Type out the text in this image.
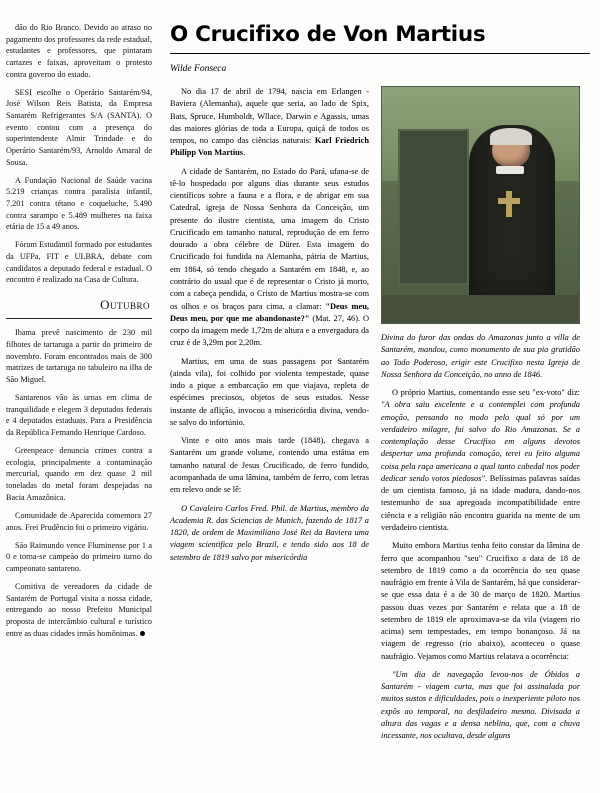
dão do Rio Branco. Devido ao atraso no pagamento dos professores da rede estadual, estudantes e professores, que pintaram cartazes e faixas, aproveitam o protesto contra governo do estado.

SESI escolhe o Operário Santarém/94, José Wilson Reis Batista, da Empresa Santarém Refrigerantes S/A (SANTA). O evento contou com a presença do superintendente Almir Trindade e do Operário Santarém/93, Arnoldo Amaral de Sousa.

A Fundação Nacional de Saúde vacina 5.219 crianças contra paralisia infantil, 7.201 contra tétano e coqueluche, 5.490 contra sarampo e 5.489 mulheres na faixa etária de 15 a 49 anos.

Fórum Estudantil formado por estudantes da UFPa, FIT e ULBRA, debate com candidatos a deputado federal e estadual. O encontro é realizado na Casa de Cultura.

Outubro

Ibama prevê nascimento de 230 mil filhotes de tartaruga a partir do primeiro de novembro. Foram encontrados mais de 300 matrizes de tartaruga no tabuleiro na ilha de São Miguel.

Santarenos vão às urnas em clima de tranquilidade e elegem 3 deputados federais e 4 deputados estaduais. Para a Presidência da República Fernando Henrique Cardoso.

Greenpeace denuncia crimes contra a ecologia, principalmente a contaminação mercurial, quando em dez quase 2 mil toneladas do metal foram despejadas na Bacia Amazônica.

Comunidade de Aparecida comemora 27 anos. Frei Prudêncio foi o primeiro vigário.

São Raimundo vence Fluminense por 1 a 0 e torna-se campeão do primeiro turno do campeonato santareno.

Comitiva de vereadores da cidade de Santarém de Portugal visita a nossa cidade, entregando ao nosso Prefeito Municipal proposta de intercâmbio cultural e turístico entre as duas cidades irmãs homônimas.

O Crucifixo de Von Martius
Wilde Fonseca

No dia 17 de abril de 1794, nascia em Erlangen - Baviera (Alemanha), aquele que seria, ao lado de Spix, Bats, Spruce, Humboldt, Wllace, Darwin e Agassis, umas das maiores glórias de toda a Europa, quiçá de todos os tempos, no campo das ciências naturais: Karl Friedrich Philipp Von Martius.

A cidade de Santarém, no Estado do Pará, ufana-se de tê-lo hospedado por alguns dias durante seus estudos científicos sobre a fauna e a flora, e de abrigar em sua Catedral, igreja de Nossa Senhora da Conceição, um presente do ilustre cientista, uma imagem do Cristo Crucificado em tamanho natural, reprodução de em ferro dourado a obra célebre de Dürer. Esta imagem do Crucificado foi fundida na Alemanha, pátria de Martius, em 1864, só tendo chegado a Santarém em 1848, e, ao contrário do usual que é de representar o Cristo já morto, com a cabeça pendida, o Cristo de Martius mostra-se com os olhos e os braços para cima, a clamar: "Deus meu, Deus meu, por que me abandonaste?" (Mat. 27, 46). O corpo da imagem mede 1,72m de altura e a envergadura da cruz é de 3,29m por 2,20m.

Martius, em uma de suas passagens por Santarém (ainda vila), foi colhido por violenta tempestade, quase indo a pique a embarcação em que viajava, repleta de espécimes preciosos, objetos de seus estudos. Nesse instante de aflição, invocou a misericórdia divina, vendo-se salvo do infortúnio.

Vinte e oito anos mais tarde (1848), chegava a Santarém um grande volume, contendo uma estátua em tamanho natural de Jesus Crucificado, de ferro fundido, acompanhada de uma lâmina, também de ferro, com letras em relevo onde se lê:

O Cavaleiro Carlos Fred. Phil. de Martius, membro da Academia R. das Sciencias de Munich, fazendo de 1817 a 1820, de ordem de Maximiliano José Rei da Baviera uma viagem scientifica pelo Brazil, e tendo sido aos 18 de setembro de 1819 salvo por misericórdia

Divina do furor das ondas do Amazonas junto a villa de Santarém, mandou, como monumento de sua pia gratidão ao Todo Poderoso, erigir este Crucifixo nesta Igreja de Nossa Senhora da Conceição, no anno de 1846.

O próprio Martius, comentando esse seu "ex-voto" diz: "A obra saiu excelente e a contemplei com profunda emoção, pensando no modo pelo qual só por um verdadeiro milagre, fui salvo do Rio Amazonas. Se a contemplação desse Crucifixo em alguns devotos despertar uma profunda comoção, terei eu feito alguma coisa pela raça americana a qual tanto cabedal nos poder dedicar sendo votos piedosos". Belíssimas palavras saídas de um cientista famoso, já na idade madura, dando-nos testemunho de sua apregoada incompatibilidade entre ciência e a religião não encontra guarida na mente de um verdadeiro cientista.

Muito embora Martius tenha feito constar da lâmina de ferro que acompanhou "seu" Crucifixo a data de 18 de setembro de 1819 como a da ocorrência do seu quase naufrágio em frente à Vila de Santarém, há que considerar-se que essa data é a de 30 de março de 1820. Martius passou duas vezes por Santarém e relata que a 18 de setembro de 1819 ele aproximava-se da vila (viagem rio acima) sem tempestades, em tempo bonançoso. Já na viagem de regresso (rio abaixo), aconteceu o quase naufrágio. Vejamos como Martius relatava a ocorrência:

"Um dia de navegação levou-nos de Óbidos a Santarém - viagem curta, mas que foi assinalada por muitos sustos e dificuldades, pois o inexperiente piloto nos expôs ao temporal, no desfiladeiro mesmo. Divisada a altura das vagas e a densa neblina, que, com a chuva incessante, nos ocultava, desde alguns
